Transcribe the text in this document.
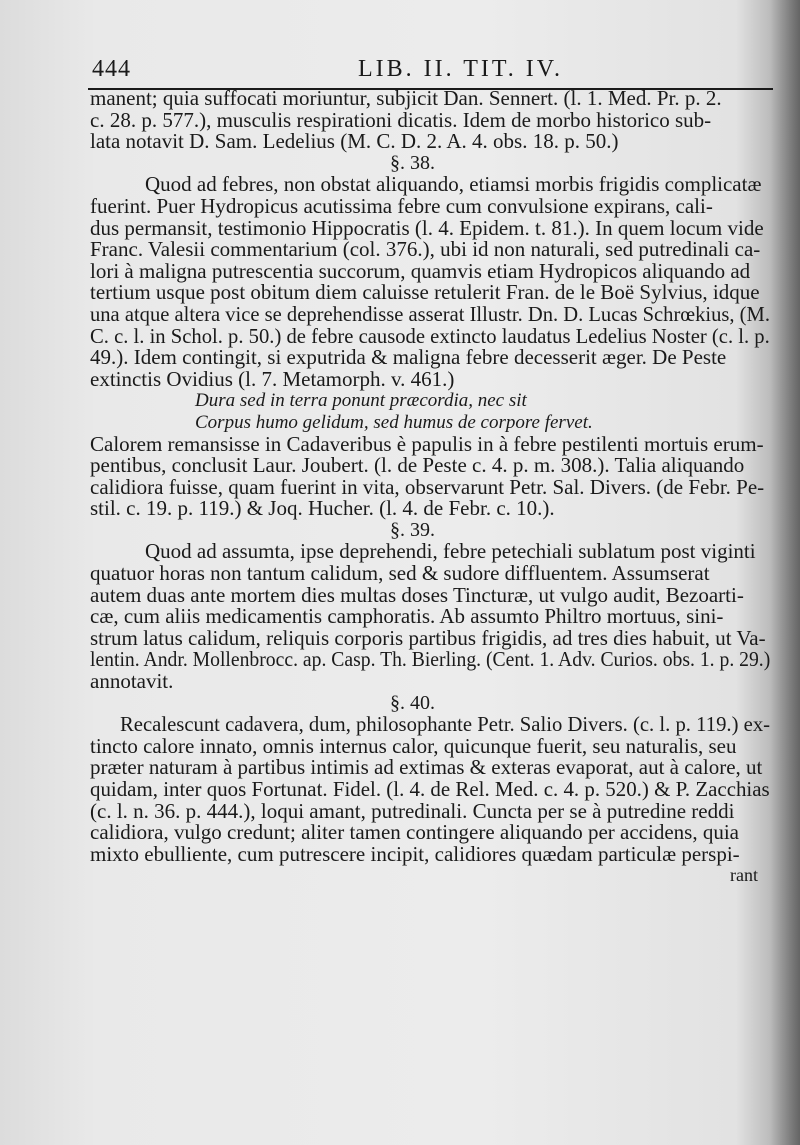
444	LIB. II. TIT. IV.
manent; quia suffocati moriuntur, subjicit Dan. Sennert. (l. 1. Med. Pr. p. 2.
c. 28. p. 577.), musculis respirationi dicatis. Idem de morbo historico sub-
lata notavit D. Sam. Ledelius (M. C. D. 2. A. 4. obs. 18. p. 50.)
§. 38.
Quod ad febres, non obstat aliquando, etiamsi morbis frigidis complicatæ
fuerint. Puer Hydropicus acutissima febre cum convulsione expirans, cali-
dus permansit, testimonio Hippocratis (l. 4. Epidem. t. 81.). In quem locum vide
Franc. Valesii commentarium (col. 376.), ubi id non naturali, sed putredinali ca-
lori à maligna putrescentia succorum, quamvis etiam Hydropicos aliquando ad
tertium usque post obitum diem caluisse retulerit Fran. de le Boë Sylvius, idque
una atque altera vice se deprehendisse asserat Illustr. Dn. D. Lucas Schrœkius, (M.
C. c. l. in Schol. p. 50.) de febre causode extincto laudatus Ledelius Noster (c. l. p.
49.). Idem contingit, si exputrida & maligna febre decesserit æger. De Peste
extinctis Ovidius (l. 7. Metamorph. v. 461.)
Dura sed in terra ponunt præcordia, nec sit
Corpus humo gelidum, sed humus de corpore fervet.
Calorem remansisse in Cadaveribus è papulis in à febre pestilenti mortuis erum-
pentibus, conclusit Laur. Joubert. (l. de Peste c. 4. p. m. 308.). Talia aliquando
calidiora fuisse, quam fuerint in vita, observarunt Petr. Sal. Divers. (de Febr. Pe-
stil. c. 19. p. 119.) & Joq. Hucher. (l. 4. de Febr. c. 10.).
§. 39.
Quod ad assumta, ipse deprehendi, febre petechiali sublatum post viginti
quatuor horas non tantum calidum, sed & sudore diffluentem. Assumserat
autem duas ante mortem dies multas doses Tincturæ, ut vulgo audit, Bezoarti-
cæ, cum aliis medicamentis camphoratis. Ab assumto Philtro mortuus, sini-
strum latus calidum, reliquis corporis partibus frigidis, ad tres dies habuit, ut Va-
lentin. Andr. Mollenbrocc. ap. Casp. Th. Bierling. (Cent. 1. Adv. Curios. obs. 1. p. 29.)
annotavit.
§. 40.
Recalescunt cadavera, dum, philosophante Petr. Salio Divers. (c. l. p. 119.) ex-
tincto calore innato, omnis internus calor, quicunque fuerit, seu naturalis, seu
præter naturam à partibus intimis ad extimas & exteras evaporat, aut à calore, ut
quidam, inter quos Fortunat. Fidel. (l. 4. de Rel. Med. c. 4. p. 520.) & P. Zacchias
(c. l. n. 36. p. 444.), loqui amant, putredinali. Cuncta per se à putredine reddi
calidiora, vulgo credunt; aliter tamen contingere aliquando per accidens, quia
mixto ebulliente, cum putrescere incipit, calidiores quædam particulæ perspi-
rant
